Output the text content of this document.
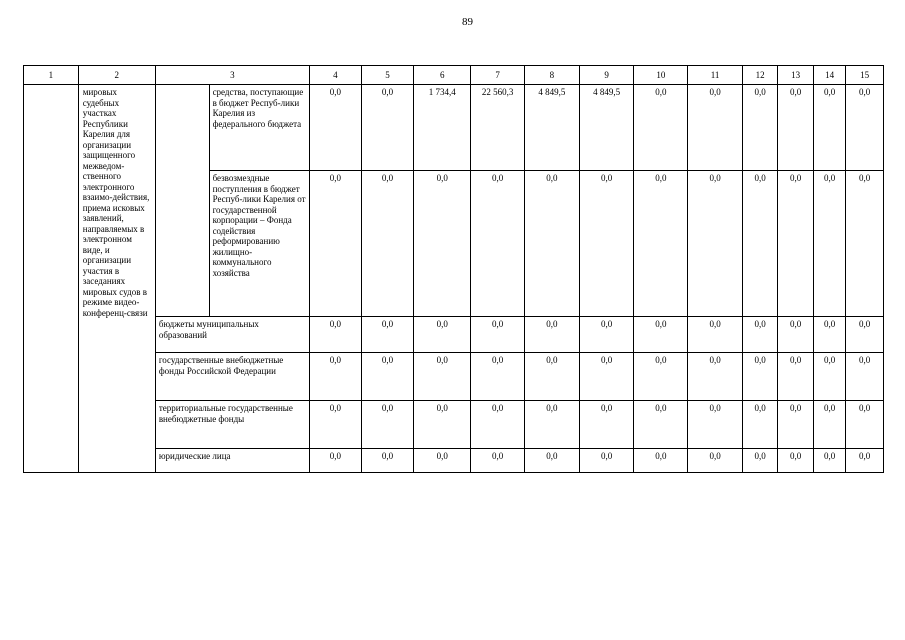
89
1	2	3		4	5	6	7	8	9	10	11	12	13	14	15
	мировых судебных участках Республики Карелия для организации защищенного межведом-ственного электронного взаимо-действия, приема исковых заявлений, направляемых в электронном виде, и организации участия в заседаниях мировых судов в режиме видео-конференц-связи		средства, поступающие в бюджет Респуб-лики Карелия из федерального бюджета	0,0	0,0	1 734,4	22 560,3	4 849,5	4 849,5	0,0	0,0	0,0	0,0	0,0	0,0
			безвозмездные поступления в бюджет Респуб-лики Карелия от государственной корпорации – Фонда содействия реформированию жилищно-коммунального хозяйства	0,0	0,0	0,0	0,0	0,0	0,0	0,0	0,0	0,0	0,0	0,0	0,0
		бюджеты муниципальных образований		0,0	0,0	0,0	0,0	0,0	0,0	0,0	0,0	0,0	0,0	0,0	0,0
		государственные внебюджетные фонды Российской Федерации		0,0	0,0	0,0	0,0	0,0	0,0	0,0	0,0	0,0	0,0	0,0	0,0
		территориальные государственные внебюджетные фонды		0,0	0,0	0,0	0,0	0,0	0,0	0,0	0,0	0,0	0,0	0,0	0,0
		юридические лица		0,0	0,0	0,0	0,0	0,0	0,0	0,0	0,0	0,0	0,0	0,0	0,0
